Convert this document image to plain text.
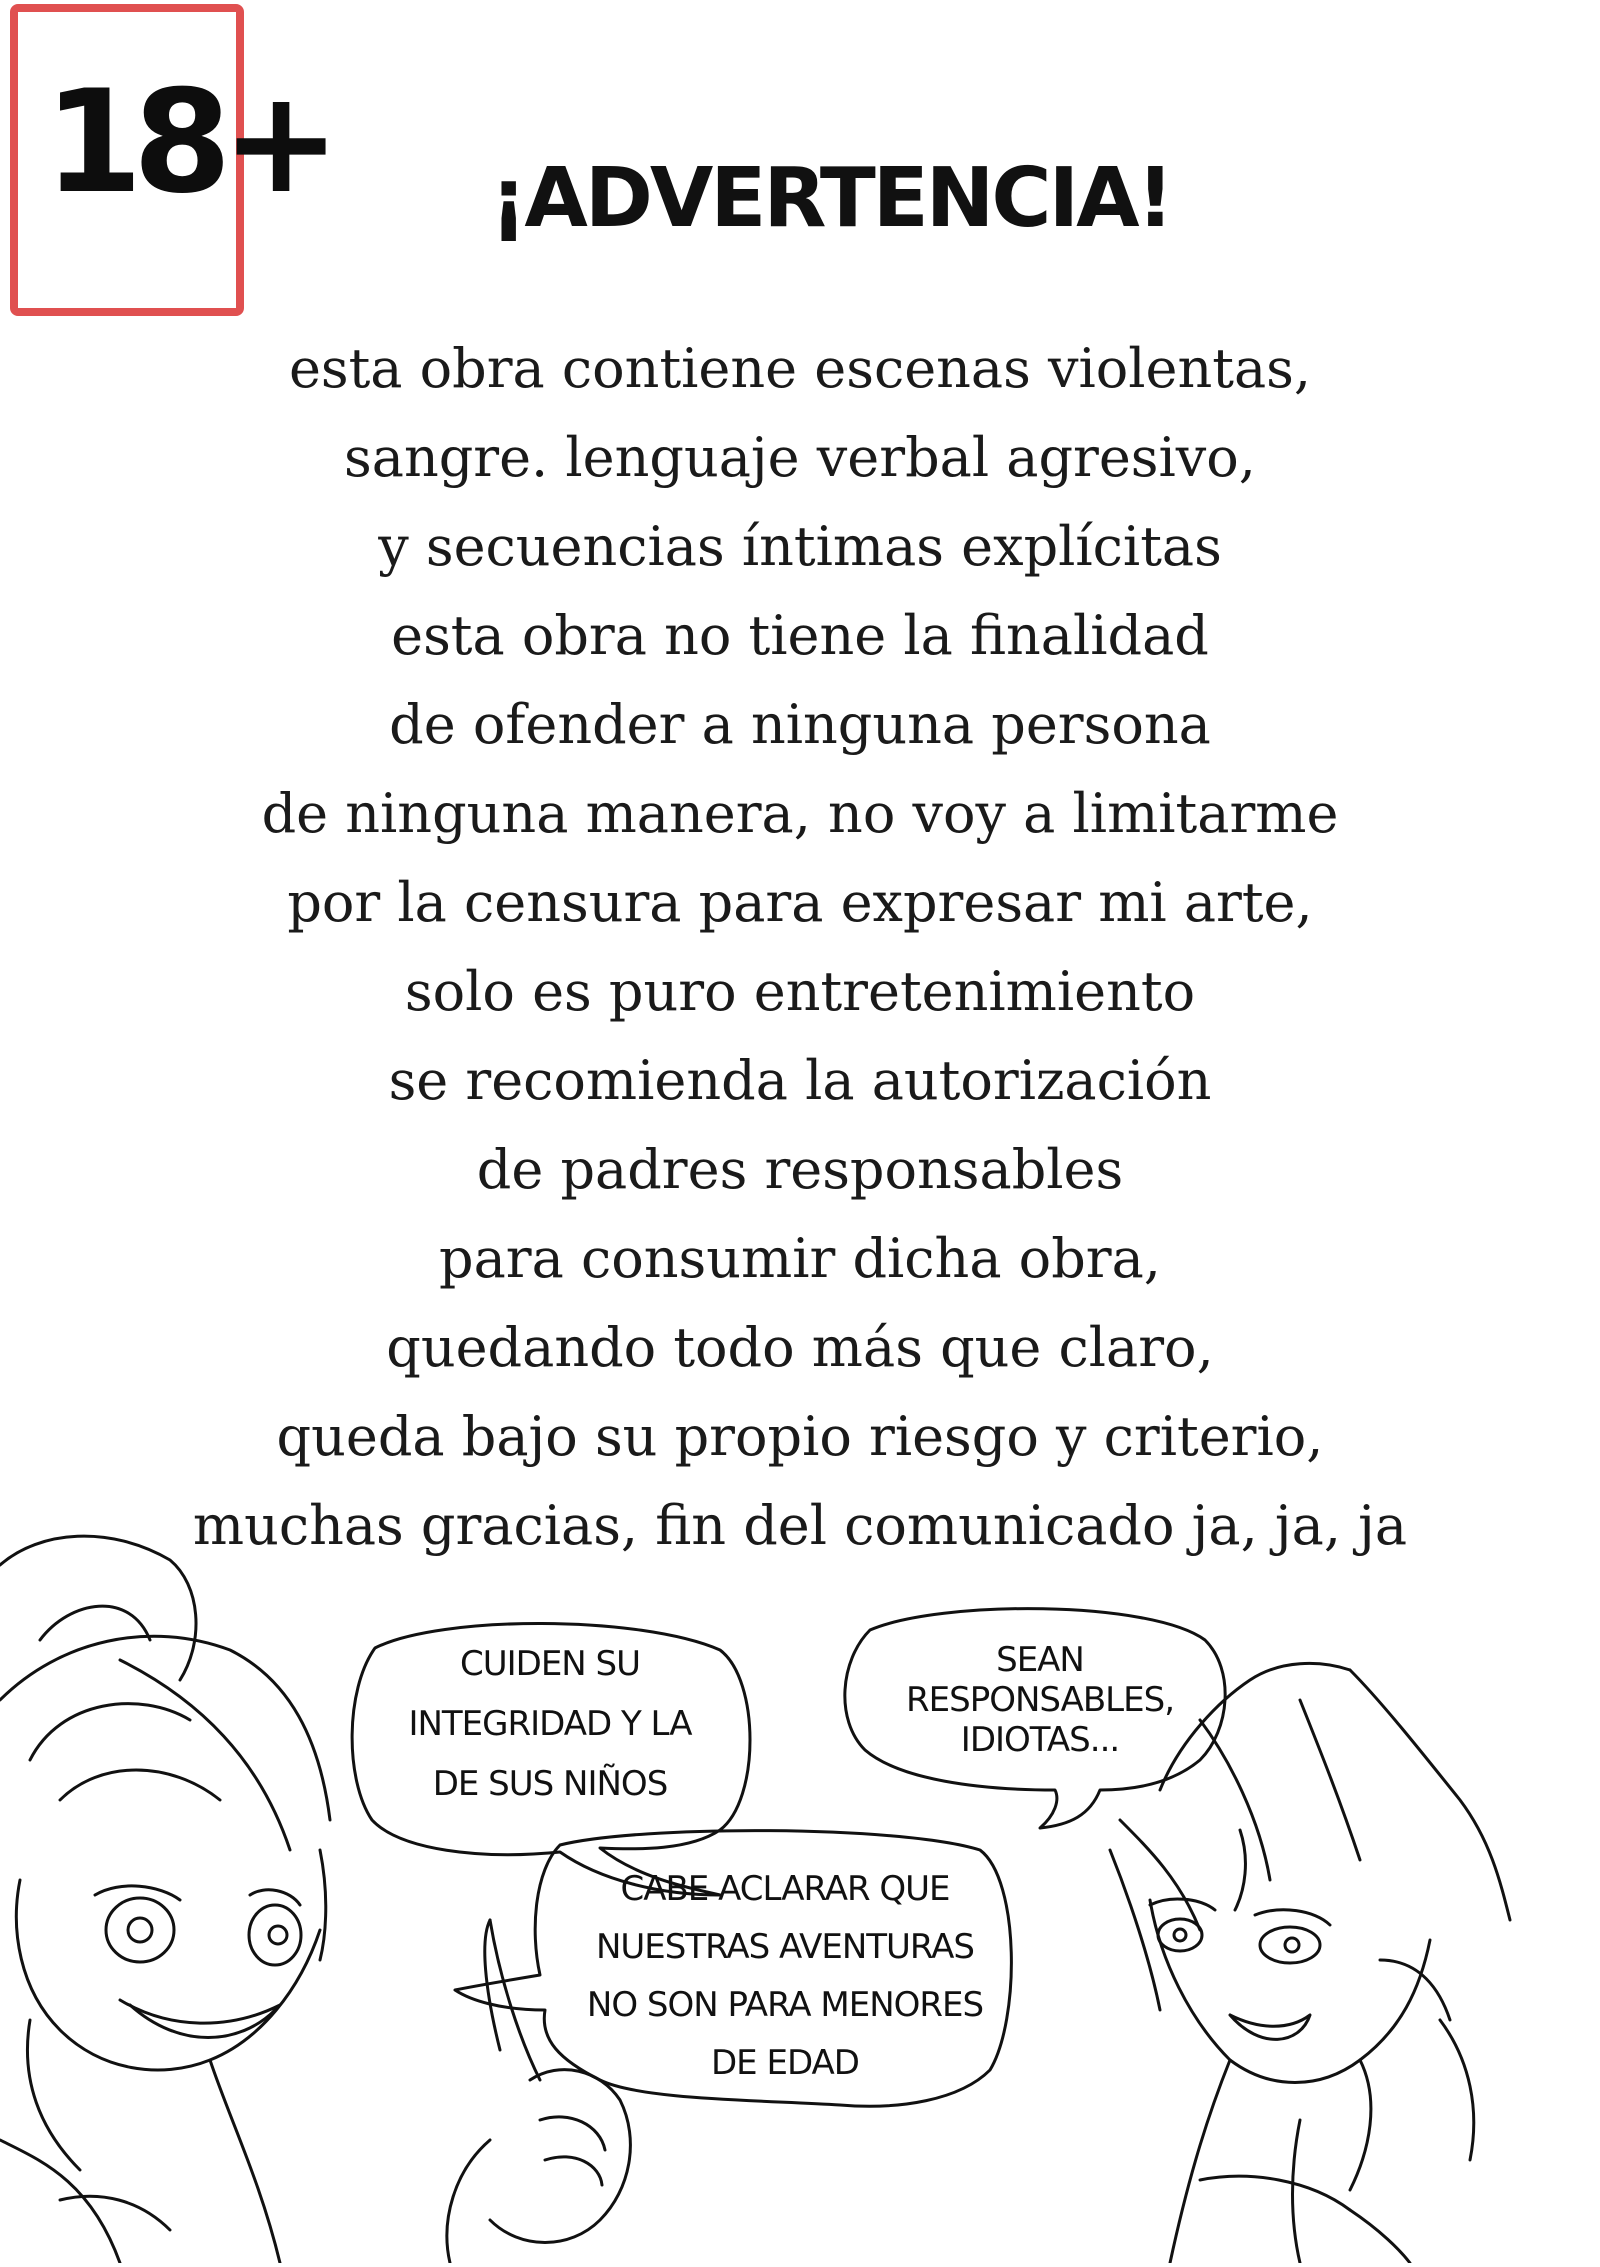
18+ ¡ADVERTENCIA!
esta obra contiene escenas violentas,
sangre. lenguaje verbal agresivo,
y secuencias íntimas explícitas
esta obra no tiene la finalidad
de ofender a ninguna persona
de ninguna manera, no voy a limitarme
por la censura para expresar mi arte,
solo es puro entretenimiento
se recomienda la autorización
de padres responsables
para consumir dicha obra,
quedando todo más que claro,
queda bajo su propio riesgo y criterio,
muchas gracias, fin del comunicado ja, ja, ja
CUIDEN SU
INTEGRIDAD Y LA
DE SUS NIÑOS
CABE ACLARAR QUE
NUESTRAS AVENTURAS
NO SON PARA MENORES
DE EDAD
SEAN
RESPONSABLES,
IDIOTAS...
